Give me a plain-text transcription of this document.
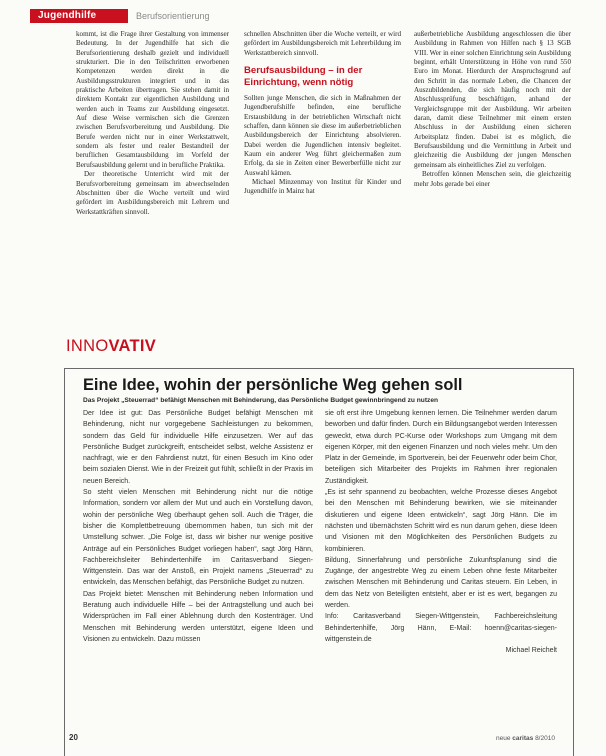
Jugendhilfe	Berufsorientierung

kommt, ist die Frage ihrer Gestaltung von immenser Bedeutung. In der Jugendhilfe hat sich die Berufsorientierung deshalb gezielt und individuell strukturiert. Die in den Teilschritten erworbenen Kompetenzen werden direkt in die Ausbildungsstrukturen integriert und in das praktische Arbeiten übertragen. Sie stehen damit in direktem Kontakt zur eigentlichen Ausbildung und werden auch in Teams zur Ausbildung eingesetzt. Auf diese Weise vermischen sich die Grenzen zwischen Berufsvorbereitung und Ausbildung. Die Berufe werden nicht nur in einer Werkstattwelt, sondern als fester und realer Bestandteil der beruflichen Gesamtausbildung im Vorfeld der Berufsausbildung gelernt und in berufliche Praktika.

Der theoretische Unterricht wird mit der Berufsvorbereitung gemeinsam im abwechselnden Abschnitten über die Woche verteilt und wird gefördert im Ausbildungsbereich mit Lehrern und Werkstattkräften sinnvoll.

schnellen Abschnitten über die Woche verteilt, er wird gefördert im Ausbildungsbereich mit Lehrerbildung im Werkstattbereich sinnvoll.

Berufsausbildung – in der Einrichtung, wenn nötig

Sollten junge Menschen, die sich in Maßnahmen der Jugendberufshilfe befinden, eine berufliche Erstausbildung in der betrieblichen Wirtschaft nicht schaffen, dann können sie diese im außerbetrieblichen Ausbildungsbereich der Einrichtung absolvieren. Dabei werden die Jugendlichen intensiv begleitet. Kaum ein anderer Weg führt gleichermaßen zum Erfolg, da sie in Zeiten einer Bewerberfülle nicht zur Auswahl kämen.

Michael Minzenmay von Institut für Kinder und Jugendhilfe in Mainz hat

außerbetriebliche Ausbildung angeschlossen die über Ausbildung in Rahmen von Hilfen nach § 13 SGB VIII. Wer in einer solchen Einrichtung sein Ausbildung beginnt, erhält Unterstützung in Höhe von rund 550 Euro im Monat. Hierdurch der Anspruchsgrund auf den Schritt in das normale Leben, die Chancen der Auszubildenden, die sich häufig noch mit der Abschlussprüfung beschäftigen, anhand der Vergleichsgruppe mit der Ausbildung. Wir arbeiten daran, damit diese Teilnehmer mit einem ersten Abschluss in der Ausbildung einen sicheren Arbeitsplatz finden. Dabei ist es möglich, die Berufsausbildung und die Vermittlung in Arbeit und gleichzeitig die Ausbildung der jungen Menschen gemeinsam als einheitliches Ziel zu verfolgen.

Betroffen können Menschen sein, die gleichzeitig mehr Jobs gerade bei einer

INNOVATIV
Eine Idee, wohin der persönliche Weg gehen soll
Das Projekt „Steuerrad“ befähigt Menschen mit Behinderung, das Persönliche Budget gewinnbringend zu nutzen

Der Idee ist gut: Das Persönliche Budget befähigt Menschen mit Behinderung, nicht nur vorgegebene Sachleistungen zu bekommen, sondern das Geld für individuelle Hilfe einzusetzen. Wer auf das Persönliche Budget zurückgreift, entscheidet selbst, welche Assistenz er nachfragt, wie er den Fahrdienst nutzt, für einen Besuch im Kino oder beim sozialen Dienst. Wie in der Freizeit gut fühlt, schließt in der Praxis im neuen Bereich.

So steht vielen Menschen mit Behinderung nicht nur die nötige Information, sondern vor allem der Mut und auch ein Vorstellung davon, wohin der persönliche Weg überhaupt gehen soll. Auch die Träger, die bisher die Komplettbetreuung übernommen haben, tun sich mit der Umstellung schwer. „Die Folge ist, dass wir bisher nur wenige positive Anträge auf ein Persönliches Budget vorliegen haben“, sagt Jörg Hänn, Fachbereichsleiter Behindertenhilfe im Caritasverband Siegen-Wittgenstein. Das war der Anstoß, ein Projekt namens „Steuerrad“ zu entwickeln, das Menschen befähigt, das Persönliche Budget zu nutzen.

Das Projekt bietet: Menschen mit Behinderung neben Information und Beratung auch individuelle Hilfe – bei der Antragstellung und auch bei Widersprüchen im Fall einer Ablehnung durch den Kostenträger. Und Menschen mit Behinderung werden unterstützt, eigene Ideen und Visionen zu entwickeln. Dazu müssen

sie oft erst ihre Umgebung kennen lernen. Die Teilnehmer werden darum beworben und dafür finden. Durch ein Bildungsangebot werden Interessen geweckt, etwa durch PC-Kurse oder Workshops zum Umgang mit dem eigenen Körper, mit den eigenen Finanzen und noch vieles mehr. Um den Platz in der Gemeinde, im Sportverein, bei der Feuerwehr oder beim Chor, beteiligen sich Mitarbeiter des Projekts im Rahmen ihrer regionalen Zuständigkeit.

„Es ist sehr spannend zu beobachten, welche Prozesse dieses Angebot bei den Menschen mit Behinderung bewirken, wie sie miteinander diskutieren und eigene Ideen entwickeln“, sagt Jörg Hänn. Die im nächsten und übernächsten Schritt wird es nun darum gehen, diese Ideen und Visionen mit den Möglichkeiten des Persönlichen Budgets zu kombinieren.

Bildung, Sinnerfahrung und persönliche Zukunftsplanung sind die Zugänge, der angestrebte Weg zu einem Leben ohne feste Mitarbeiter zwischen Menschen mit Behinderung und Caritas steuern. Ein Leben, in dem das Netz von Beteiligten entsteht, aber er ist es wert, begangen zu werden.

Info: Caritasverband Siegen-Wittgenstein, Fachbereichsleitung Behindertenhilfe, Jörg Hänn, E-Mail: hoenn@caritas-siegen-wittgenstein.de

Michael Reichelt

20	neue caritas 8/2010
